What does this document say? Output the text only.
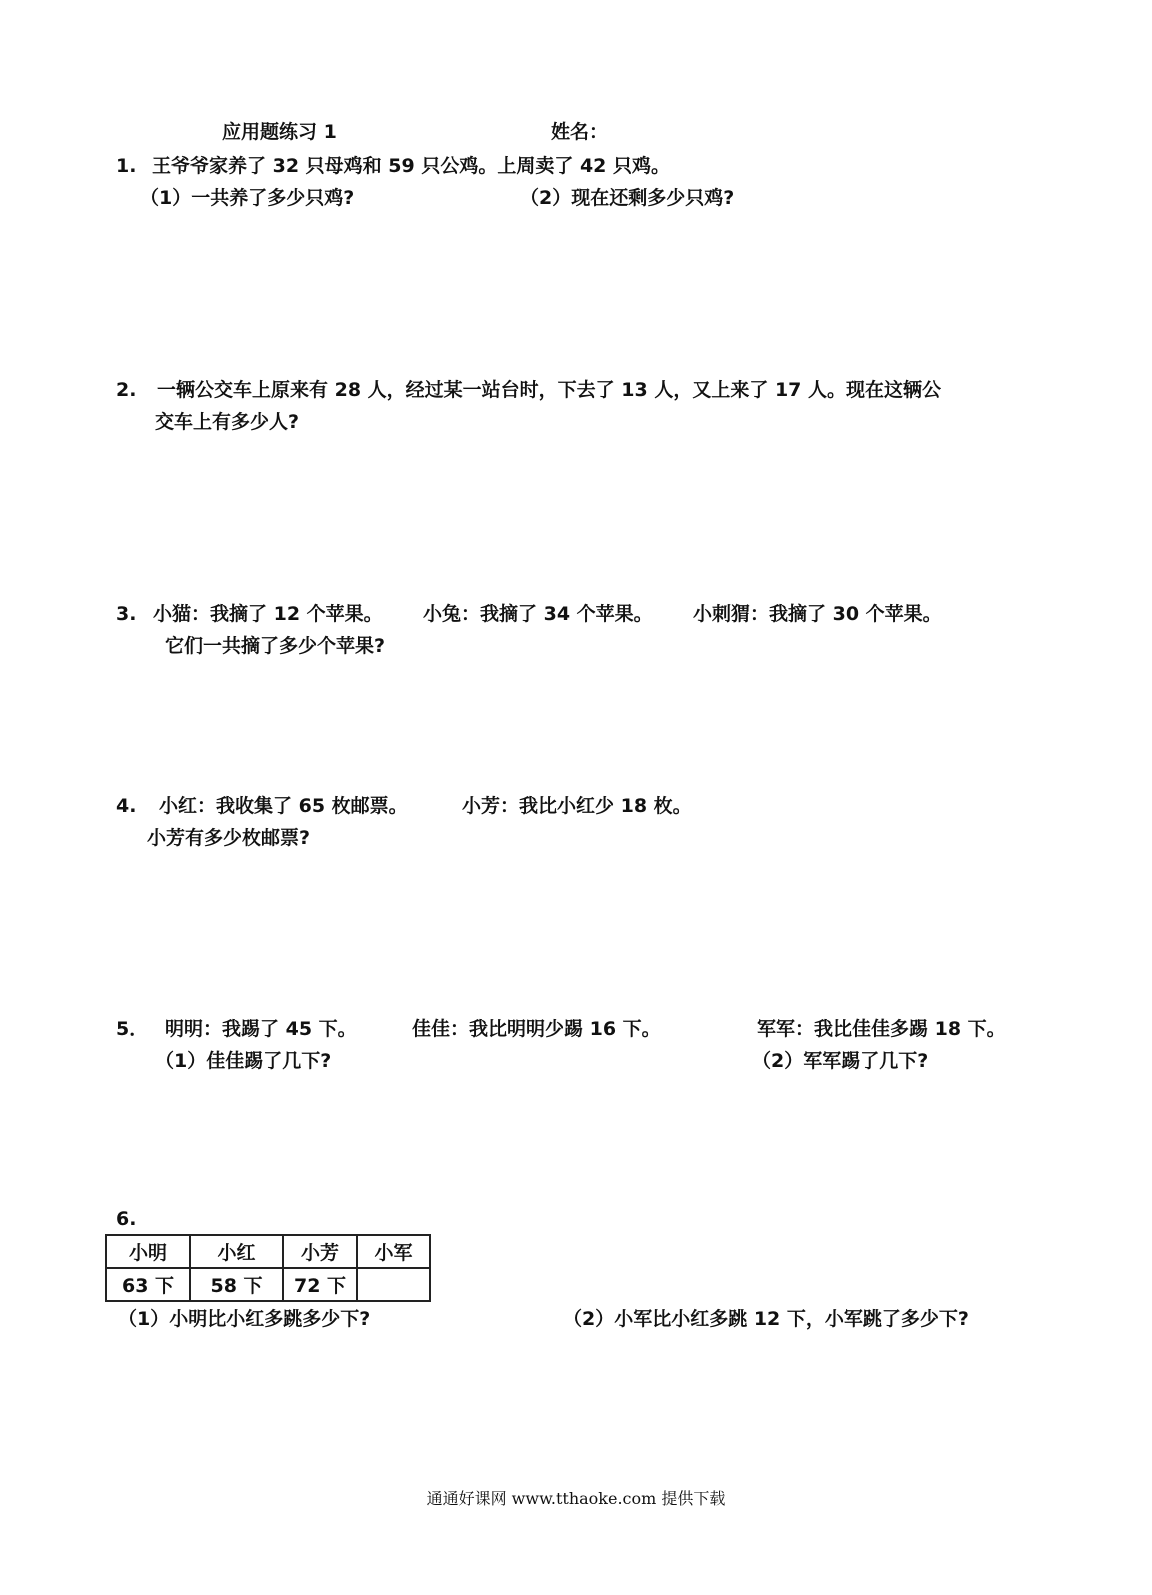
应用题练习 1	姓名：
1. 王爷爷家养了 32 只母鸡和 59 只公鸡。上周卖了 42 只鸡。
（1）一共养了多少只鸡?	（2）现在还剩多少只鸡?
2. 一辆公交车上原来有 28 人，经过某一站台时，下去了 13 人，又上来了 17 人。现在这辆公
交车上有多少人?
3. 小猫：我摘了 12 个苹果。 小兔：我摘了 34 个苹果。 小刺猬：我摘了 30 个苹果。
它们一共摘了多少个苹果?
4. 小红：我收集了 65 枚邮票。	小芳：我比小红少 18 枚。
小芳有多少枚邮票?
5． 明明：我踢了 45 下。	佳佳：我比明明少踢 16 下。	军军：我比佳佳多踢 18 下。
（1）佳佳踢了几下?	（2）军军踢了几下?
6.
小明	小红	小芳	小军
63 下	58 下	72 下	
（1）小明比小红多跳多少下?	（2）小军比小红多跳 12 下，小军跳了多少下?
通通好课网 www.tthaoke.com 提供下载
